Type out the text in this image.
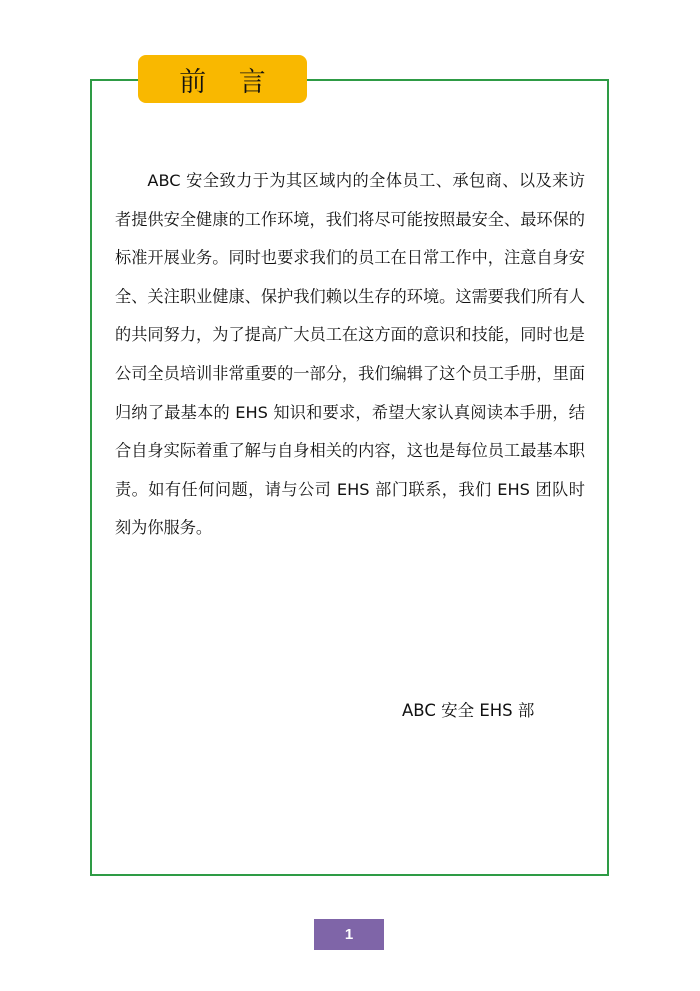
前 言

ABC 安全致力于为其区域内的全体员工、承包商、以及来访者提供安全健康的工作环境，我们将尽可能按照最安全、最环保的标准开展业务。同时也要求我们的员工在日常工作中，注意自身安全、关注职业健康、保护我们赖以生存的环境。这需要我们所有人的共同努力，为了提高广大员工在这方面的意识和技能，同时也是公司全员培训非常重要的一部分，我们编辑了这个员工手册，里面归纳了最基本的 EHS 知识和要求，希望大家认真阅读本手册，结合自身实际着重了解与自身相关的内容，这也是每位员工最基本职责。如有任何问题，请与公司 EHS 部门联系，我们 EHS 团队时刻为你服务。

ABC 安全 EHS 部
1
